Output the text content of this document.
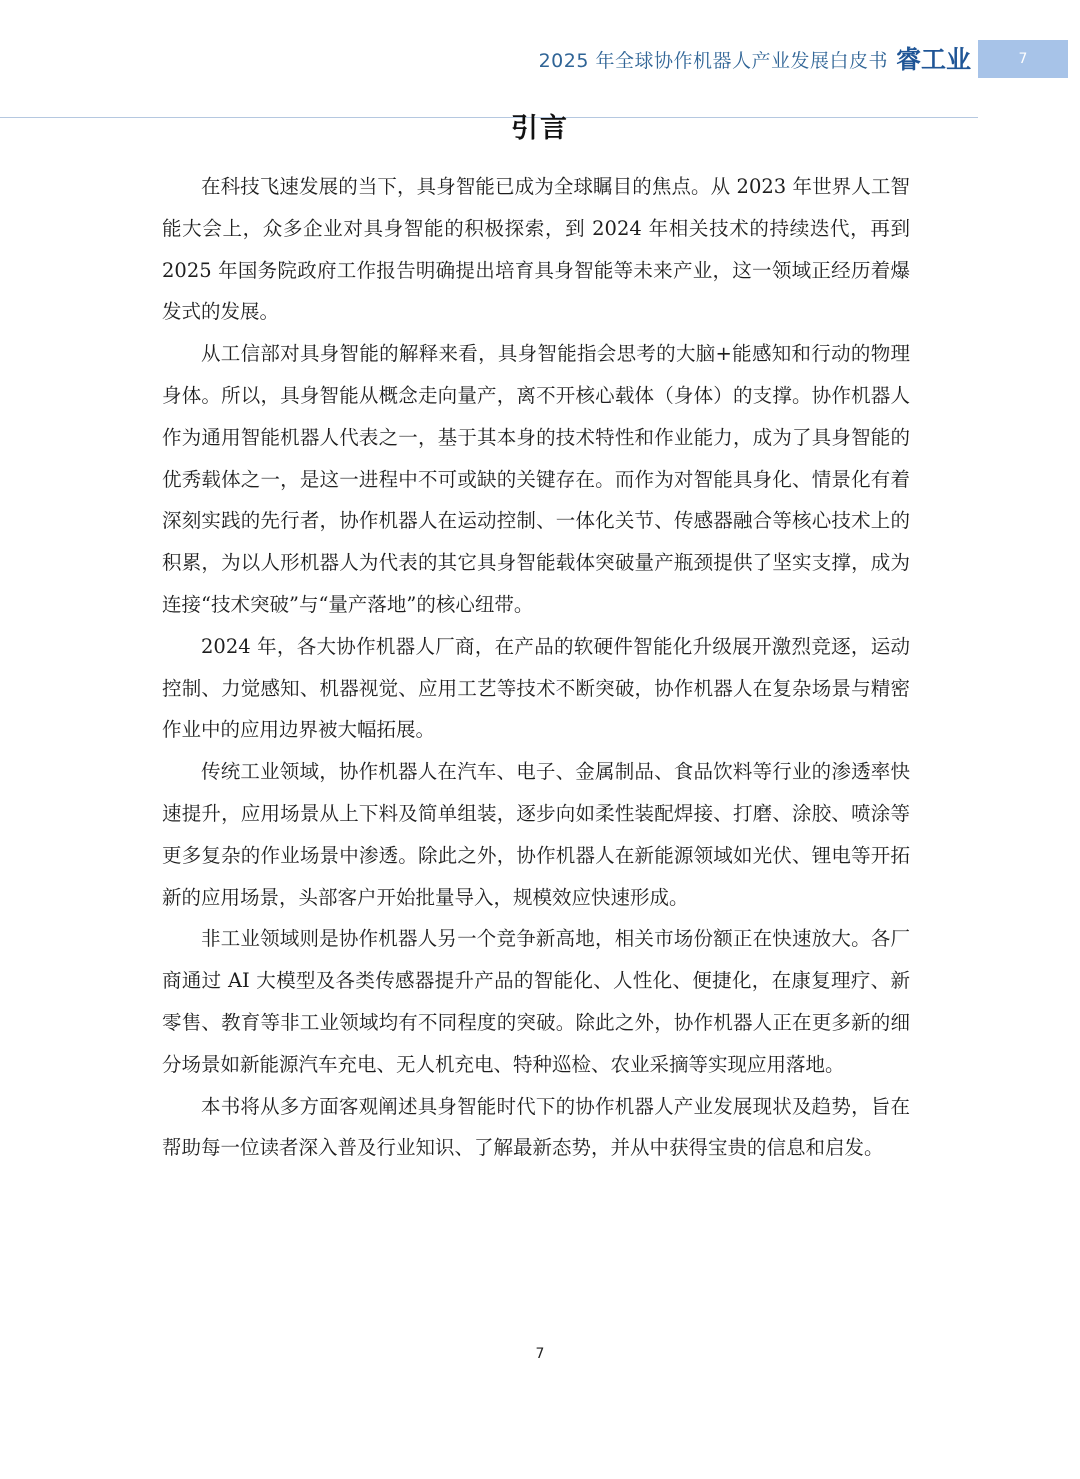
2025 年全球协作机器人产业发展白皮书 睿工业	7
引言

在科技飞速发展的当下，具身智能已成为全球瞩目的焦点。从 2023 年世界人工智能大会上，众多企业对具身智能的积极探索，到 2024 年相关技术的持续迭代，再到 2025 年国务院政府工作报告明确提出培育具身智能等未来产业，这一领域正经历着爆发式的发展。

从工信部对具身智能的解释来看，具身智能指会思考的大脑+能感知和行动的物理身体。所以，具身智能从概念走向量产，离不开核心载体（身体）的支撑。协作机器人作为通用智能机器人代表之一，基于其本身的技术特性和作业能力，成为了具身智能的优秀载体之一，是这一进程中不可或缺的关键存在。而作为对智能具身化、情景化有着深刻实践的先行者，协作机器人在运动控制、一体化关节、传感器融合等核心技术上的积累，为以人形机器人为代表的其它具身智能载体突破量产瓶颈提供了坚实支撑，成为连接“技术突破”与“量产落地”的核心纽带。

2024 年，各大协作机器人厂商，在产品的软硬件智能化升级展开激烈竞逐，运动控制、力觉感知、机器视觉、应用工艺等技术不断突破，协作机器人在复杂场景与精密作业中的应用边界被大幅拓展。

传统工业领域，协作机器人在汽车、电子、金属制品、食品饮料等行业的渗透率快速提升，应用场景从上下料及简单组装，逐步向如柔性装配焊接、打磨、涂胶、喷涂等更多复杂的作业场景中渗透。除此之外，协作机器人在新能源领域如光伏、锂电等开拓新的应用场景，头部客户开始批量导入，规模效应快速形成。

非工业领域则是协作机器人另一个竞争新高地，相关市场份额正在快速放大。各厂商通过 AI 大模型及各类传感器提升产品的智能化、人性化、便捷化，在康复理疗、新零售、教育等非工业领域均有不同程度的突破。除此之外，协作机器人正在更多新的细分场景如新能源汽车充电、无人机充电、特种巡检、农业采摘等实现应用落地。

本书将从多方面客观阐述具身智能时代下的协作机器人产业发展现状及趋势，旨在帮助每一位读者深入普及行业知识、了解最新态势，并从中获得宝贵的信息和启发。

7
